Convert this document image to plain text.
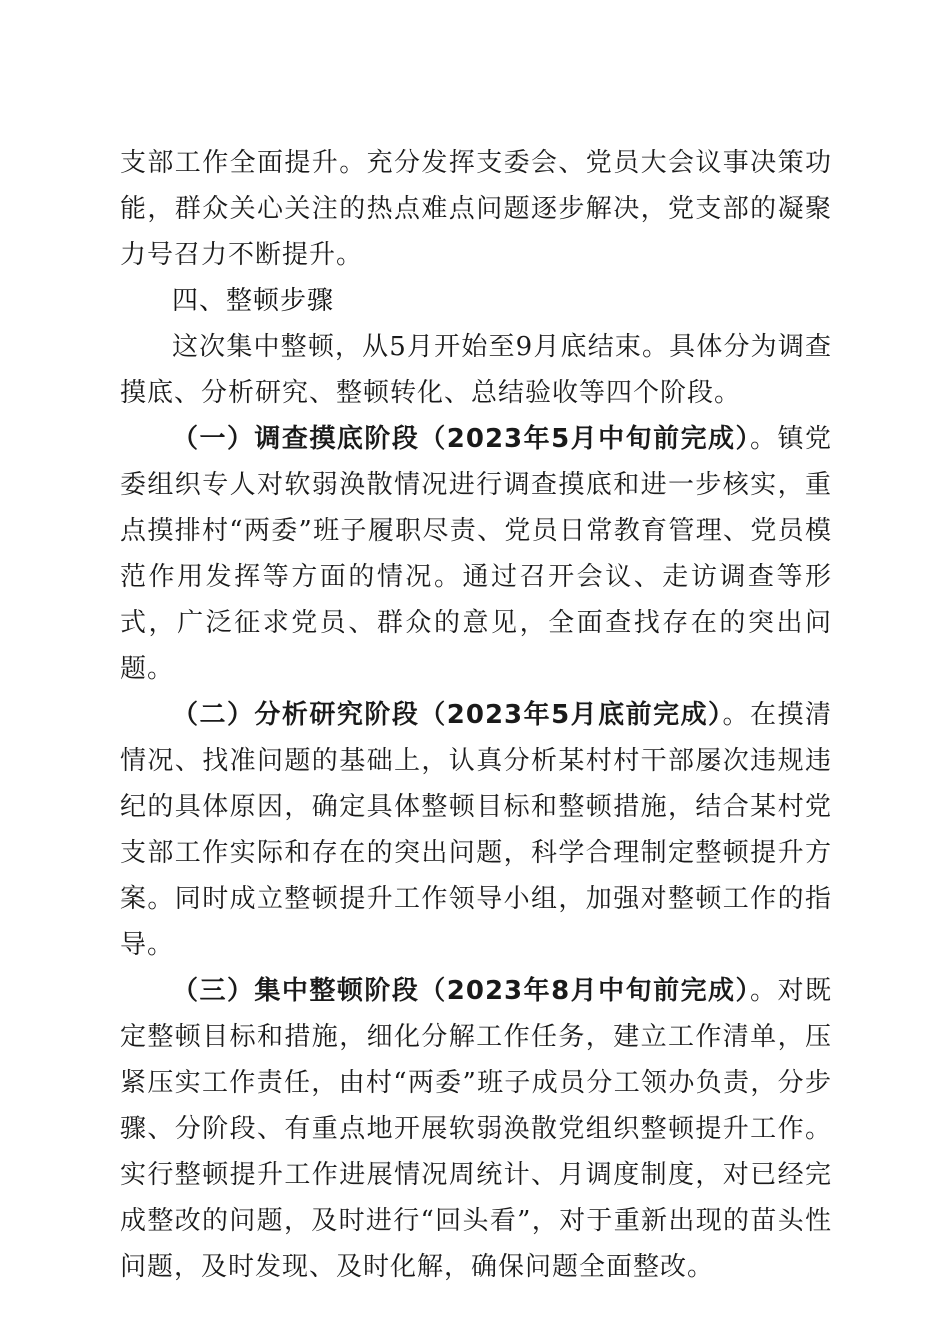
支部工作全面提升。充分发挥支委会、党员大会议事决策功能，群众关心关注的热点难点问题逐步解决，党支部的凝聚力号召力不断提升。

四、整顿步骤

这次集中整顿，从5月开始至9月底结束。具体分为调查摸底、分析研究、整顿转化、总结验收等四个阶段。

（一）调查摸底阶段（2023年5月中旬前完成）。镇党委组织专人对软弱涣散情况进行调查摸底和进一步核实，重点摸排村“两委”班子履职尽责、党员日常教育管理、党员模范作用发挥等方面的情况。通过召开会议、走访调查等形式，广泛征求党员、群众的意见，全面查找存在的突出问题。

（二）分析研究阶段（2023年5月底前完成）。在摸清情况、找准问题的基础上，认真分析某村村干部屡次违规违纪的具体原因，确定具体整顿目标和整顿措施，结合某村党支部工作实际和存在的突出问题，科学合理制定整顿提升方案。同时成立整顿提升工作领导小组，加强对整顿工作的指导。

（三）集中整顿阶段（2023年8月中旬前完成）。对既定整顿目标和措施，细化分解工作任务，建立工作清单，压紧压实工作责任，由村“两委”班子成员分工领办负责，分步骤、分阶段、有重点地开展软弱涣散党组织整顿提升工作。实行整顿提升工作进展情况周统计、月调度制度，对已经完成整改的问题，及时进行“回头看”，对于重新出现的苗头性问题，及时发现、及时化解，确保问题全面整改。
